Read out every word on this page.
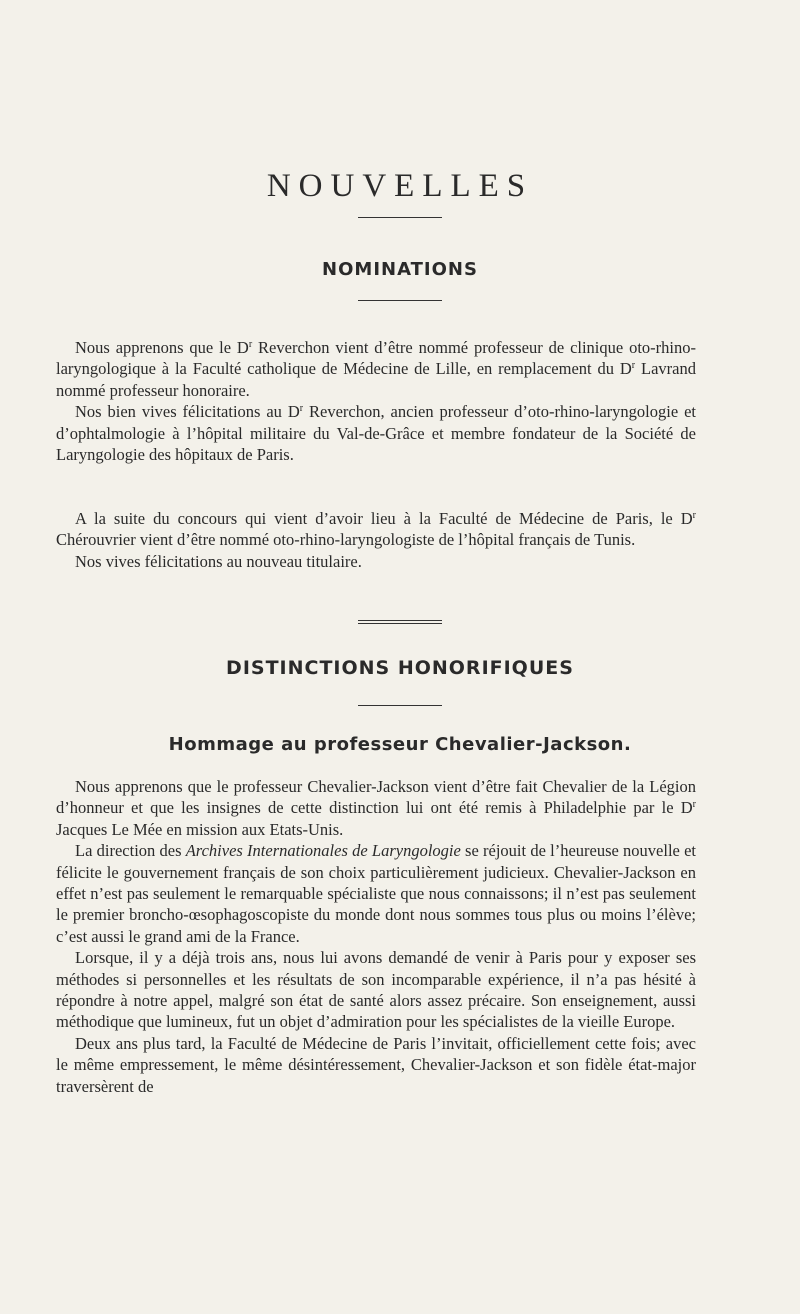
NOUVELLES
NOMINATIONS

Nous apprenons que le $D^r$ Reverchon vient d’être nommé professeur de clinique oto-rhino-laryngologique à la Faculté catholique de Médecine de Lille, en remplacement du $D^r$ Lavrand nommé professeur honoraire.

Nos bien vives félicitations au $D^r$ Reverchon, ancien professeur d’oto-rhino-laryngologie et d’ophtalmologie à l’hôpital militaire du Val-de-Grâce et membre fondateur de la Société de Laryngologie des hôpitaux de Paris.

A la suite du concours qui vient d’avoir lieu à la Faculté de Médecine de Paris, le $D^r$ Chérouvrier vient d’être nommé oto-rhino-laryngologiste de l’hôpital français de Tunis.

Nos vives félicitations au nouveau titulaire.

DISTINCTIONS HONORIFIQUES
Hommage au professeur Chevalier-Jackson.

Nous apprenons que le professeur Chevalier-Jackson vient d’être fait Chevalier de la Légion d’honneur et que les insignes de cette distinction lui ont été remis à Philadelphie par le $D^r$ Jacques Le Mée en mission aux Etats-Unis.

La direction des Archives Internationales de Laryngologie se réjouit de l’heureuse nouvelle et félicite le gouvernement français de son choix particulièrement judicieux. Chevalier-Jackson en effet n’est pas seulement le remarquable spécialiste que nous connaissons; il n’est pas seulement le premier broncho-œsophagoscopiste du monde dont nous sommes tous plus ou moins l’élève; c’est aussi le grand ami de la France.

Lorsque, il y a déjà trois ans, nous lui avons demandé de venir à Paris pour y exposer ses méthodes si personnelles et les résultats de son incomparable expérience, il n’a pas hésité à répondre à notre appel, malgré son état de santé alors assez précaire. Son enseignement, aussi méthodique que lumineux, fut un objet d’admiration pour les spécialistes de la vieille Europe.

Deux ans plus tard, la Faculté de Médecine de Paris l’invitait, officiellement cette fois; avec le même empressement, le même désintéressement, Chevalier-Jackson et son fidèle état-major traversèrent de
